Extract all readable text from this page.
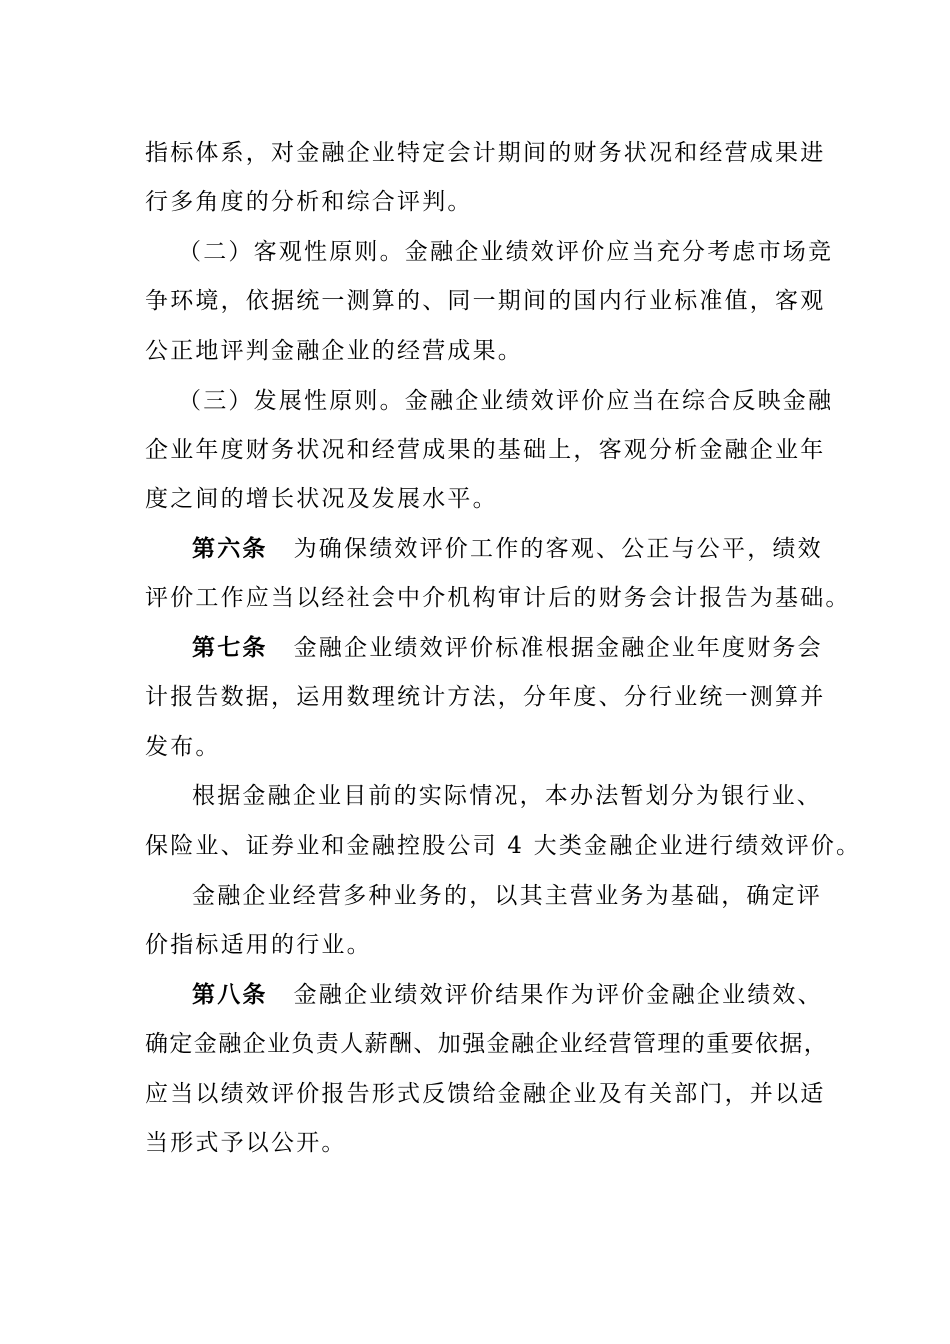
指标体系，对金融企业特定会计期间的财务状况和经营成果进
行多角度的分析和综合评判。
（二）客观性原则。金融企业绩效评价应当充分考虑市场竞
争环境，依据统一测算的、同一期间的国内行业标准值，客观
公正地评判金融企业的经营成果。
（三）发展性原则。金融企业绩效评价应当在综合反映金融
企业年度财务状况和经营成果的基础上，客观分析金融企业年
度之间的增长状况及发展水平。
第六条 为确保绩效评价工作的客观、公正与公平，绩效
评价工作应当以经社会中介机构审计后的财务会计报告为基础。
第七条 金融企业绩效评价标准根据金融企业年度财务会
计报告数据，运用数理统计方法，分年度、分行业统一测算并
发布。
根据金融企业目前的实际情况，本办法暂划分为银行业、
保险业、证券业和金融控股公司 4 大类金融企业进行绩效评价。
金融企业经营多种业务的，以其主营业务为基础，确定评
价指标适用的行业。
第八条 金融企业绩效评价结果作为评价金融企业绩效、
确定金融企业负责人薪酬、加强金融企业经营管理的重要依据，
应当以绩效评价报告形式反馈给金融企业及有关部门，并以适
当形式予以公开。
